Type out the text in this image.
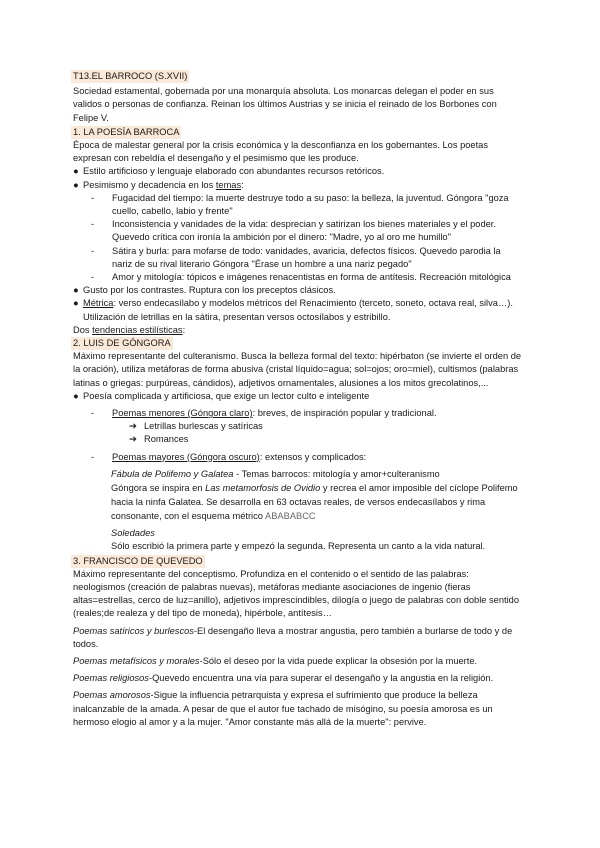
T13.EL BARROCO (S.XVII)

Sociedad estamental, gobernada por una monarquía absoluta. Los monarcas delegan el poder en sus validos o personas de confianza. Reinan los últimos Austrias y se inicia el reinado de los Borbones con Felipe V.

1. LA POESÍA BARROCA

Época de malestar general por la crisis económica y la desconfianza en los gobernantes. Los poetas expresan con rebeldía el desengaño y el pesimismo que les produce.

● Estilo artificioso y lenguaje elaborado con abundantes recursos retóricos.
● Pesimismo y decadencia en los temas:
-	Fugacidad del tiempo: la muerte destruye todo a su paso: la belleza, la juventud. Góngora "goza cuello, cabello, labio y frente"
-	Inconsistencia y vanidades de la vida: desprecian y satirizan los bienes materiales y el poder. Quevedo crítica con ironía la ambición por el dinero: "Madre, yo al oro me humillo"
-	Sátira y burla: para mofarse de todo: vanidades, avaricia, defectos físicos. Quevedo parodia la nariz de su rival literario Góngora "Érase un hombre a una nariz pegado"
-	Amor y mitología: tópicos e imágenes renacentistas en forma de antítesis. Recreación mitológica
● Gusto por los contrastes. Ruptura con los preceptos clásicos.
● Métrica: verso endecasílabo y modelos métricos del Renacimiento (terceto, soneto, octava real, silva…). Utilización de letrillas en la sátira, presentan versos octosílabos y estribillo.

Dos tendencias estilísticas:

2. LUIS DE GÓNGORA

Máximo representante del culteranismo. Busca la belleza formal del texto: hipérbaton (se invierte el orden de la oración), utiliza metáforas de forma abusiva (cristal líquido=agua; sol=ojos; oro=miel), cultismos (palabras latinas o griegas: purpúreas, cándidos), adjetivos ornamentales, alusiones a los mitos grecolatinos,...

● Poesía complicada y artificiosa, que exige un lector culto e inteligente
-	Poemas menores (Góngora claro): breves, de inspiración popular y tradicional.
➔ Letrillas burlescas y satíricas
➔ Romances
-	Poemas mayores (Góngora oscuro): extensos y complicados:

Fábula de Polifemo y Galatea - Temas barrocos: mitología y amor+culteranismo

Góngora se inspira en Las metamorfosis de Ovidio y recrea el amor imposible del cíclope Polifemo hacia la ninfa Galatea. Se desarrolla en 63 octavas reales, de versos endecasílabos y rima consonante, con el esquema métrico ABABABCC

Soledades

Sólo escribió la primera parte y empezó la segunda. Representa un canto a la vida natural.

3. FRANCISCO DE QUEVEDO

Máximo representante del conceptismo. Profundiza en el contenido o el sentido de las palabras: neologismos (creación de palabras nuevas), metáforas mediante asociaciones de ingenio (fieras altas=estrellas, cerco de luz=anillo), adjetivos imprescindibles, dilogía o juego de palabras con doble sentido (reales;de realeza y del tipo de moneda), hipérbole, antítesis…

Poemas satíricos y burlescos-El desengaño lleva a mostrar angustia, pero también a burlarse de todo y de todos.

Poemas metafísicos y morales-Sólo el deseo por la vida puede explicar la obsesión por la muerte.

Poemas religiosos-Quevedo encuentra una vía para superar el desengaño y la angustia en la religión.

Poemas amorosos-Sigue la influencia petrarquista y expresa el sufrimiento que produce la belleza inalcanzable de la amada. A pesar de que el autor fue tachado de misógino, su poesía amorosa es un hermoso elogio al amor y a la mujer. "Amor constante más allá de la muerte": pervive.
